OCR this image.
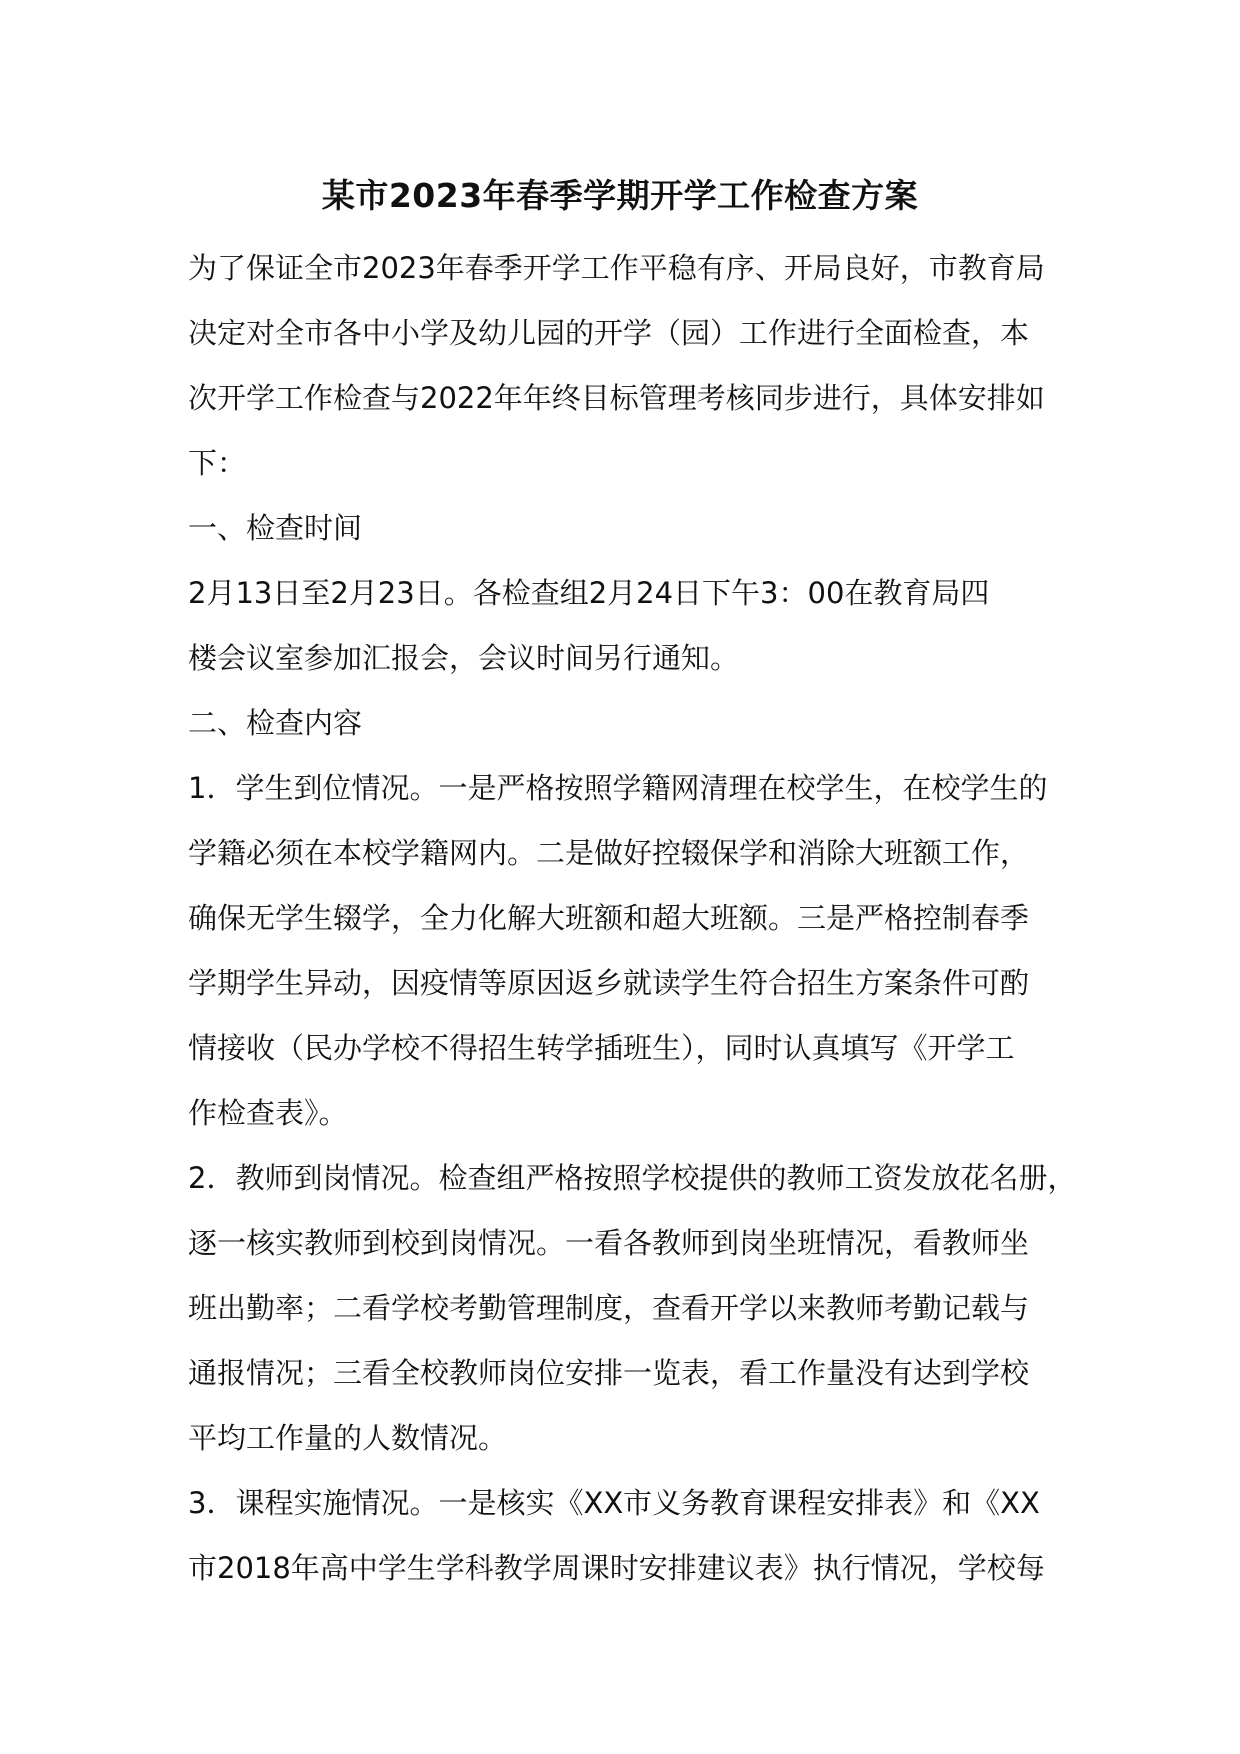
某市2023年春季学期开学工作检查方案

为了保证全市2023年春季开学工作平稳有序、开局良好，市教育局

决定对全市各中小学及幼儿园的开学（园）工作进行全面检查，本

次开学工作检查与2022年年终目标管理考核同步进行，具体安排如

下：

一、检查时间

2月13日至2月23日。各检查组2月24日下午3：00在教育局四

楼会议室参加汇报会，会议时间另行通知。

二、检查内容

1．学生到位情况。一是严格按照学籍网清理在校学生，在校学生的

学籍必须在本校学籍网内。二是做好控辍保学和消除大班额工作，

确保无学生辍学，全力化解大班额和超大班额。三是严格控制春季

学期学生异动，因疫情等原因返乡就读学生符合招生方案条件可酌

情接收（民办学校不得招生转学插班生），同时认真填写《开学工

作检查表》。

2．教师到岗情况。检查组严格按照学校提供的教师工资发放花名册，

逐一核实教师到校到岗情况。一看各教师到岗坐班情况，看教师坐

班出勤率；二看学校考勤管理制度，查看开学以来教师考勤记载与

通报情况；三看全校教师岗位安排一览表，看工作量没有达到学校

平均工作量的人数情况。

3．课程实施情况。一是核实《XX市义务教育课程安排表》和《XX

市2018年高中学生学科教学周课时安排建议表》执行情况，学校每
